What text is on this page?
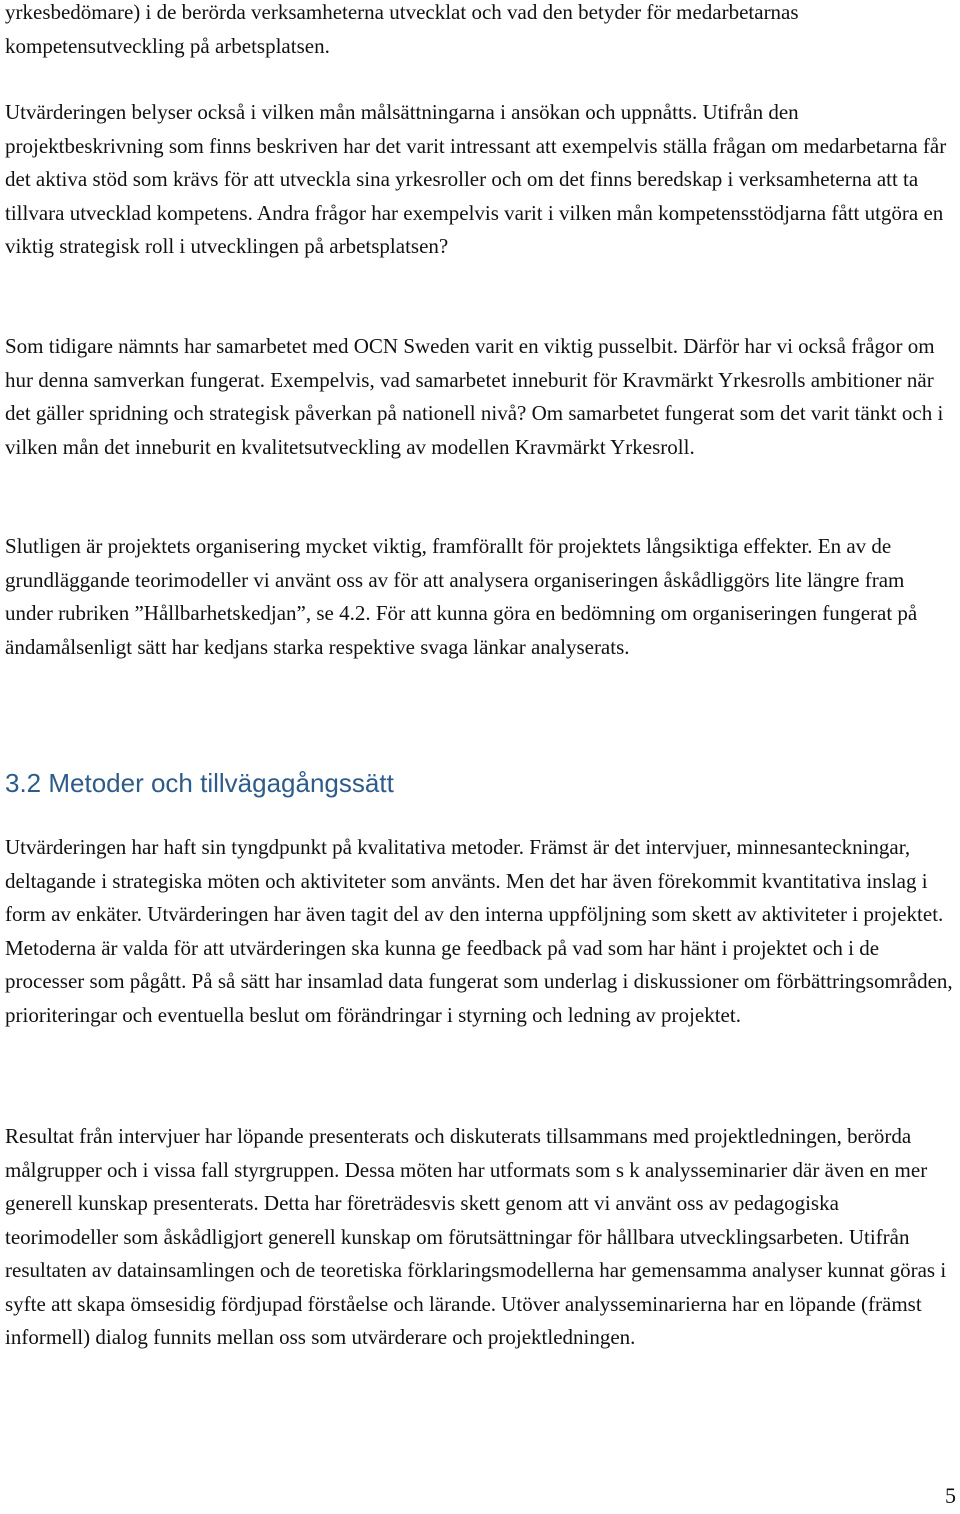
yrkesbedömare) i de berörda verksamheterna utvecklat och vad den betyder för medarbetarnas kompetensutveckling på arbetsplatsen.

Utvärderingen belyser också i vilken mån målsättningarna i ansökan och uppnåtts. Utifrån den projektbeskrivning som finns beskriven har det varit intressant att exempelvis ställa frågan om medarbetarna får det aktiva stöd som krävs för att utveckla sina yrkesroller och om det finns beredskap i verksamheterna att ta tillvara utvecklad kompetens. Andra frågor har exempelvis varit i vilken mån kompetensstödjarna fått utgöra en viktig strategisk roll i utvecklingen på arbetsplatsen?

Som tidigare nämnts har samarbetet med OCN Sweden varit en viktig pusselbit. Därför har vi också frågor om hur denna samverkan fungerat. Exempelvis, vad samarbetet inneburit för Kravmärkt Yrkesrolls ambitioner när det gäller spridning och strategisk påverkan på nationell nivå? Om samarbetet fungerat som det varit tänkt och i vilken mån det inneburit en kvalitetsutveckling av modellen Kravmärkt Yrkesroll.

Slutligen är projektets organisering mycket viktig, framförallt för projektets långsiktiga effekter. En av de grundläggande teorimodeller vi använt oss av för att analysera organiseringen åskådliggörs lite längre fram under rubriken ”Hållbarhetskedjan”, se 4.2. För att kunna göra en bedömning om organiseringen fungerat på ändamålsenligt sätt har kedjans starka respektive svaga länkar analyserats.

3.2 Metoder och tillvägagångssätt

Utvärderingen har haft sin tyngdpunkt på kvalitativa metoder. Främst är det intervjuer, minnesanteckningar, deltagande i strategiska möten och aktiviteter som använts. Men det har även förekommit kvantitativa inslag i form av enkäter. Utvärderingen har även tagit del av den interna uppföljning som skett av aktiviteter i projektet. Metoderna är valda för att utvärderingen ska kunna ge feedback på vad som har hänt i projektet och i de processer som pågått. På så sätt har insamlad data fungerat som underlag i diskussioner om förbättringsområden, prioriteringar och eventuella beslut om förändringar i styrning och ledning av projektet.

Resultat från intervjuer har löpande presenterats och diskuterats tillsammans med projektledningen, berörda målgrupper och i vissa fall styrgruppen. Dessa möten har utformats som s k analysseminarier där även en mer generell kunskap presenterats. Detta har företrädesvis skett genom att vi använt oss av pedagogiska teorimodeller som åskådligjort generell kunskap om förutsättningar för hållbara utvecklingsarbeten. Utifrån resultaten av datainsamlingen och de teoretiska förklaringsmodellerna har gemensamma analyser kunnat göras i syfte att skapa ömsesidig fördjupad förståelse och lärande. Utöver analysseminarierna har en löpande (främst informell) dialog funnits mellan oss som utvärderare och projektledningen.

5
